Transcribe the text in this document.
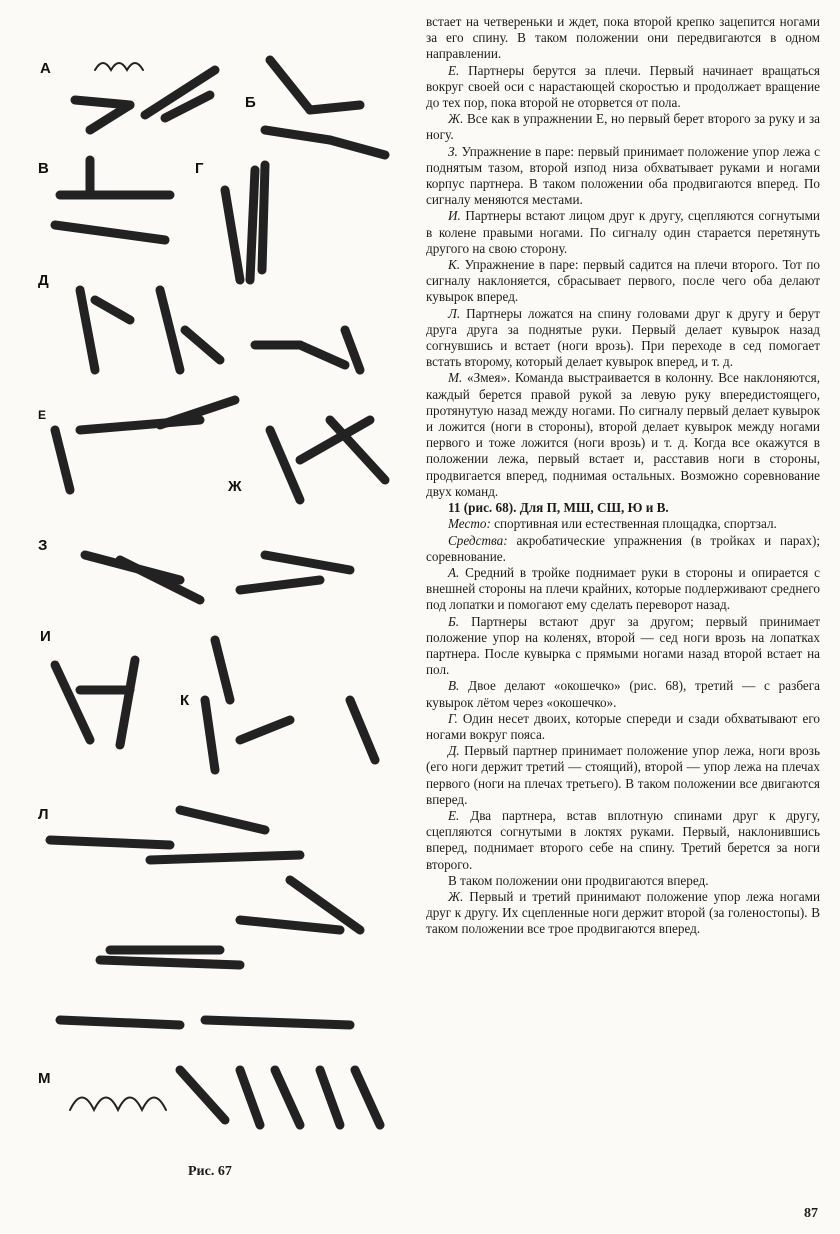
А
Б
В	Г
Д
Е
Ж
З
И
К
Л
М
Рис. 67

встает на четвереньки и ждет, пока второй крепко зацепится ногами за его спину. В таком положении они передвигаются в одном направлении.

Е. Партнеры берутся за плечи. Первый начинает вращаться вокруг своей оси с нарастающей скоростью и продолжает вращение до тех пор, пока второй не оторвется от пола.

Ж. Все как в упражнении Е, но первый берет второго за руку и за ногу.

З. Упражнение в паре: первый принимает положение упор лежа с поднятым тазом, второй изпод низа обхватывает руками и ногами корпус партнера. В таком положении оба продвигаются вперед. По сигналу меняются местами.

И. Партнеры встают лицом друг к другу, сцепляются согнутыми в колене правыми ногами. По сигналу один старается перетянуть другого на свою сторону.

К. Упражнение в паре: первый садится на плечи второго. Тот по сигналу наклоняется, сбрасывает первого, после чего оба делают кувырок вперед.

Л. Партнеры ложатся на спину головами друг к другу и берут друга друга за поднятые руки. Первый делает кувырок назад согнувшись и встает (ноги врозь). При переходе в сед помогает встать второму, который делает кувырок вперед, и т. д.

М. «Змея». Команда выстраивается в колонну. Все наклоняются, каждый берется правой рукой за левую руку впередистоящего, протянутую назад между ногами. По сигналу первый делает кувырок и ложится (ноги в стороны), второй делает кувырок между ногами первого и тоже ложится (ноги врозь) и т. д. Когда все окажутся в положении лежа, первый встает и, расставив ноги в стороны, продвигается вперед, поднимая остальных. Возможно соревнование двух команд.

11 (рис. 68). Для П, МШ, СШ, Ю и В.

Место: спортивная или естественная площадка, спортзал.

Средства: акробатические упражнения (в тройках и парах); соревнование.

А. Средний в тройке поднимает руки в стороны и опирается с внешней стороны на плечи крайних, которые подлерживают среднего под лопатки и помогают ему сделать переворот назад.

Б. Партнеры встают друг за другом; первый принимает положение упор на коленях, второй — сед ноги врозь на лопатках партнера. После кувырка с прямыми ногами назад второй встает на пол.

В. Двое делают «окошечко» (рис. 68), третий — с разбега кувырок лётом через «окошечко».

Г. Один несет двоих, которые спереди и сзади обхватывают его ногами вокруг пояса.

Д. Первый партнер принимает положение упор лежа, ноги врозь (его ноги держит третий — стоящий), второй — упор лежа на плечах первого (ноги на плечах третьего). В таком положении все двигаются вперед.

Е. Два партнера, встав вплотную спинами друг к другу, сцепляются согнутыми в локтях руками. Первый, наклонившись вперед, поднимает второго себе на спину. Третий берется за ноги второго.

В таком положении они продвигаются вперед.

Ж. Первый и третий принимают положение упор лежа ногами друг к другу. Их сцепленные ноги держит второй (за голеностопы). В таком положении все трое продвигаются вперед.

87
